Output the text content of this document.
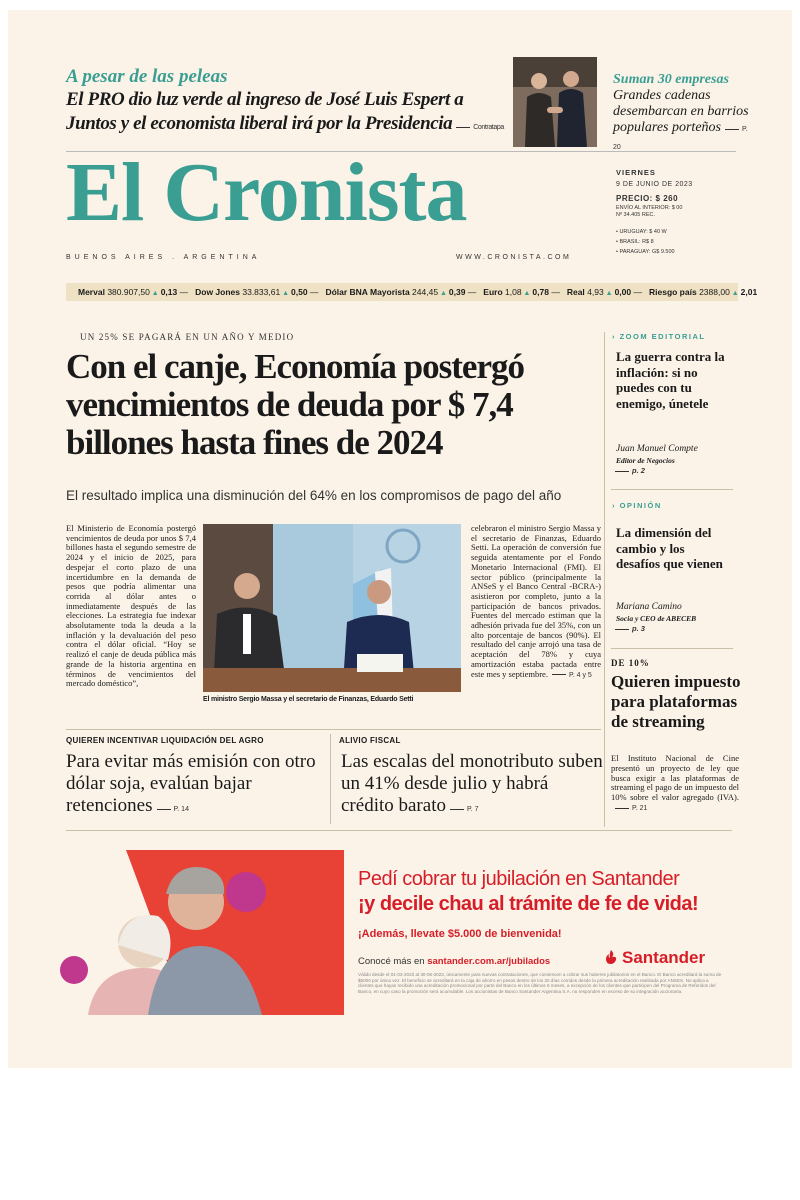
A pesar de las peleas
El PRO dio luz verde al ingreso de José Luis Espert a Juntos y el economista liberal irá por la Presidencia	Contratapa
Suman 30 empresas
Grandes cadenas desembarcan en barrios populares porteños	P. 20
El Cronista
BUENOS AIRES . ARGENTINA	WWW.CRONISTA.COM
VIERNES
9 DE JUNIO DE 2023
PRECIO: $ 260
ENVÍO AL INTERIOR: $ 00
Nº 34.405 REC.
• URUGUAY: $ 40 W
• BRASIL: R$ 8
• PARAGUAY: G$ 9.500
Merval 380.907,50 ▲ 0,13 — Dow Jones 33.833,61 ▲ 0,50 — Dólar BNA Mayorista 244,45 ▲ 0,39 — Euro 1,08 ▲ 0,78 — Real 4,93 ▲ 0,00 — Riesgo país 2388,00 ▲ 2,01
UN 25% SE PAGARÁ EN UN AÑO Y MEDIO
Con el canje, Economía postergó vencimientos de deuda por $ 7,4 billones hasta fines de 2024
El resultado implica una disminución del 64% en los compromisos de pago del año
El Ministerio de Economía postergó vencimientos de deuda por unos $ 7,4 billones hasta el segundo semestre de 2024 y el inicio de 2025, para despejar el corto plazo de una incertidumbre en la demanda de pesos que podría alimentar una corrida al dólar antes o inmediatamente después de las elecciones. La estrategia fue indexar absolutamente toda la deuda a la inflación y la devaluación del peso contra el dólar oficial. “Hoy se realizó el canje de deuda pública más grande de la historia argentina en términos de vencimientos del mercado doméstico”,
El ministro Sergio Massa y el secretario de Finanzas, Eduardo Setti
celebraron el ministro Sergio Massa y el secretario de Finanzas, Eduardo Setti. La operación de conversión fue seguida atentamente por el Fondo Monetario Internacional (FMI). El sector público (principalmente la ANSeS y el Banco Central -BCRA-) asistieron por completo, junto a la participación de bancos privados. Fuentes del mercado estiman que la adhesión privada fue del 35%, con un alto porcentaje de bancos (90%). El resultado del canje arrojó una tasa de aceptación del 78% y cuya amortización estaba pactada entre este mes y septiembre.	P. 4 y 5
› ZOOM EDITORIAL
La guerra contra la inflación: si no puedes con tu enemigo, únetele
Juan Manuel Compte
Editor de Negocios
p. 2
› OPINIÓN
La dimensión del cambio y los desafíos que vienen
Mariana Camino
Socia y CEO de ABECEB
p. 3
DE 10%
Quieren impuesto para plataformas de streaming
El Instituto Nacional de Cine presentó un proyecto de ley que busca exigir a las plataformas de streaming el pago de un impuesto del 10% sobre el valor agregado (IVA).P. 21
QUIEREN INCENTIVAR LIQUIDACIÓN DEL AGRO
Para evitar más emisión con otro dólar soja, evalúan bajar retenciones	P. 14
ALIVIO FISCAL
Las escalas del monotributo suben un 41% desde julio y habrá crédito barato	P. 7
Pedí cobrar tu jubilación en Santander
¡y decile chau al trámite de fe de vida!
¡Además, llevate $5.000 de bienvenida!
Conocé más en santander.com.ar/jubilados	Santander
Válido desde el 01-03-2023 al 30-06-2023, únicamente para nuevas contrataciones, que comiencen a cobrar sus haberes jubilatorios en el Banco. El Banco acreditará la suma de $5000 por única vez. El beneficio se acreditará en la caja de ahorro en pesos dentro de los 30 días corridos desde la primera acreditación realizada por ANSES. No aplica a clientes que hayan recibido una acreditación promocional por parte del Banco en los últimos 6 meses, a excepción de los clientes que participen del Programa de Referidos del Banco, en cuyo caso la promoción será acumulable. Los accionistas de Banco Santander Argentina S.A. no responden en exceso de su integración accionaria.
